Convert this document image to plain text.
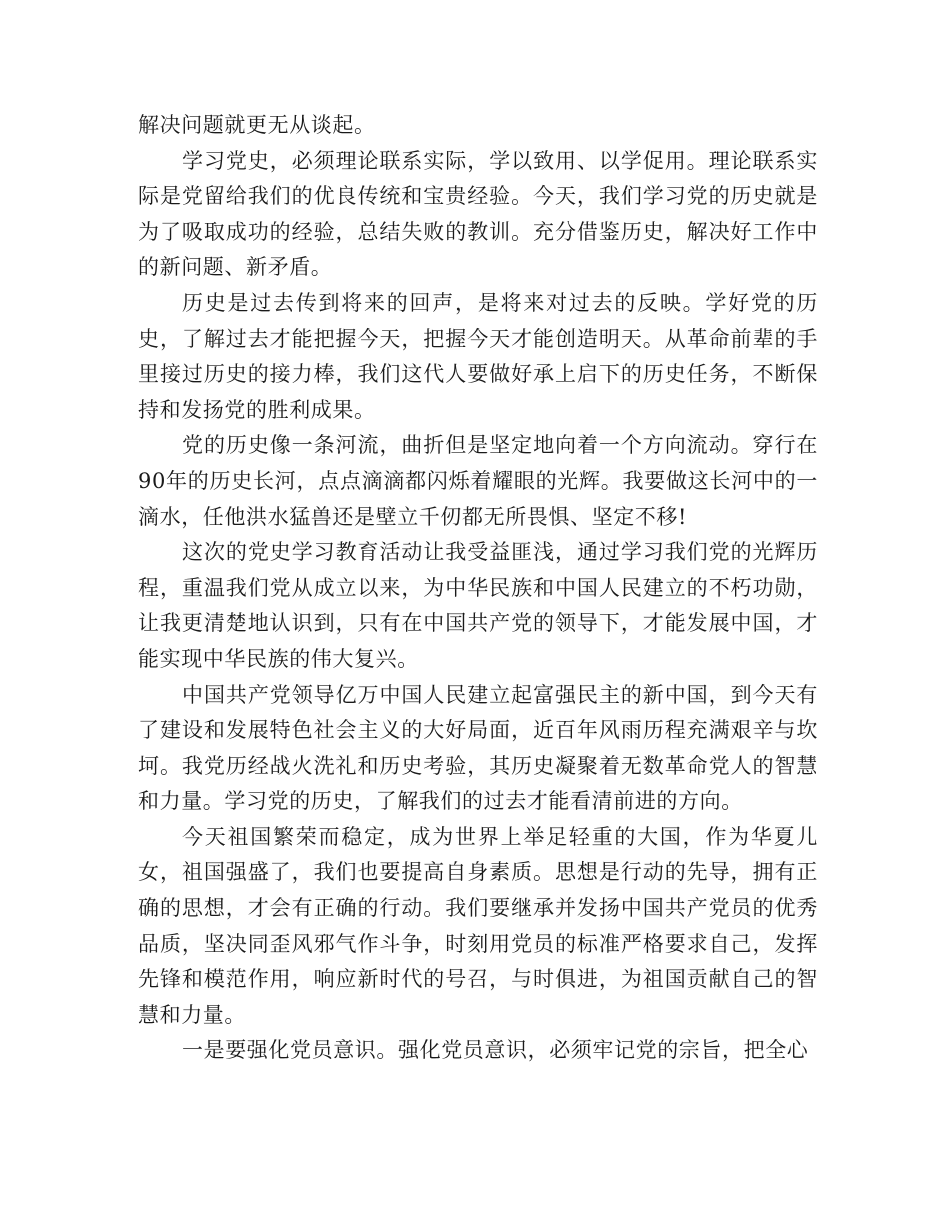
解决问题就更无从谈起。

学习党史，必须理论联系实际，学以致用、以学促用。理论联系实际是党留给我们的优良传统和宝贵经验。今天，我们学习党的历史就是为了吸取成功的经验，总结失败的教训。充分借鉴历史，解决好工作中的新问题、新矛盾。

历史是过去传到将来的回声，是将来对过去的反映。学好党的历史，了解过去才能把握今天，把握今天才能创造明天。从革命前辈的手里接过历史的接力棒，我们这代人要做好承上启下的历史任务，不断保持和发扬党的胜利成果。

党的历史像一条河流，曲折但是坚定地向着一个方向流动。穿行在90年的历史长河，点点滴滴都闪烁着耀眼的光辉。我要做这长河中的一滴水，任他洪水猛兽还是壁立千仞都无所畏惧、坚定不移!

这次的党史学习教育活动让我受益匪浅，通过学习我们党的光辉历程，重温我们党从成立以来，为中华民族和中国人民建立的不朽功勋，让我更清楚地认识到，只有在中国共产党的领导下，才能发展中国，才能实现中华民族的伟大复兴。

中国共产党领导亿万中国人民建立起富强民主的新中国，到今天有了建设和发展特色社会主义的大好局面，近百年风雨历程充满艰辛与坎坷。我党历经战火洗礼和历史考验，其历史凝聚着无数革命党人的智慧和力量。学习党的历史，了解我们的过去才能看清前进的方向。

今天祖国繁荣而稳定，成为世界上举足轻重的大国，作为华夏儿女，祖国强盛了，我们也要提高自身素质。思想是行动的先导，拥有正确的思想，才会有正确的行动。我们要继承并发扬中国共产党员的优秀品质，坚决同歪风邪气作斗争，时刻用党员的标准严格要求自己，发挥先锋和模范作用，响应新时代的号召，与时俱进，为祖国贡献自己的智慧和力量。

一是要强化党员意识。强化党员意识，必须牢记党的宗旨，把全心
